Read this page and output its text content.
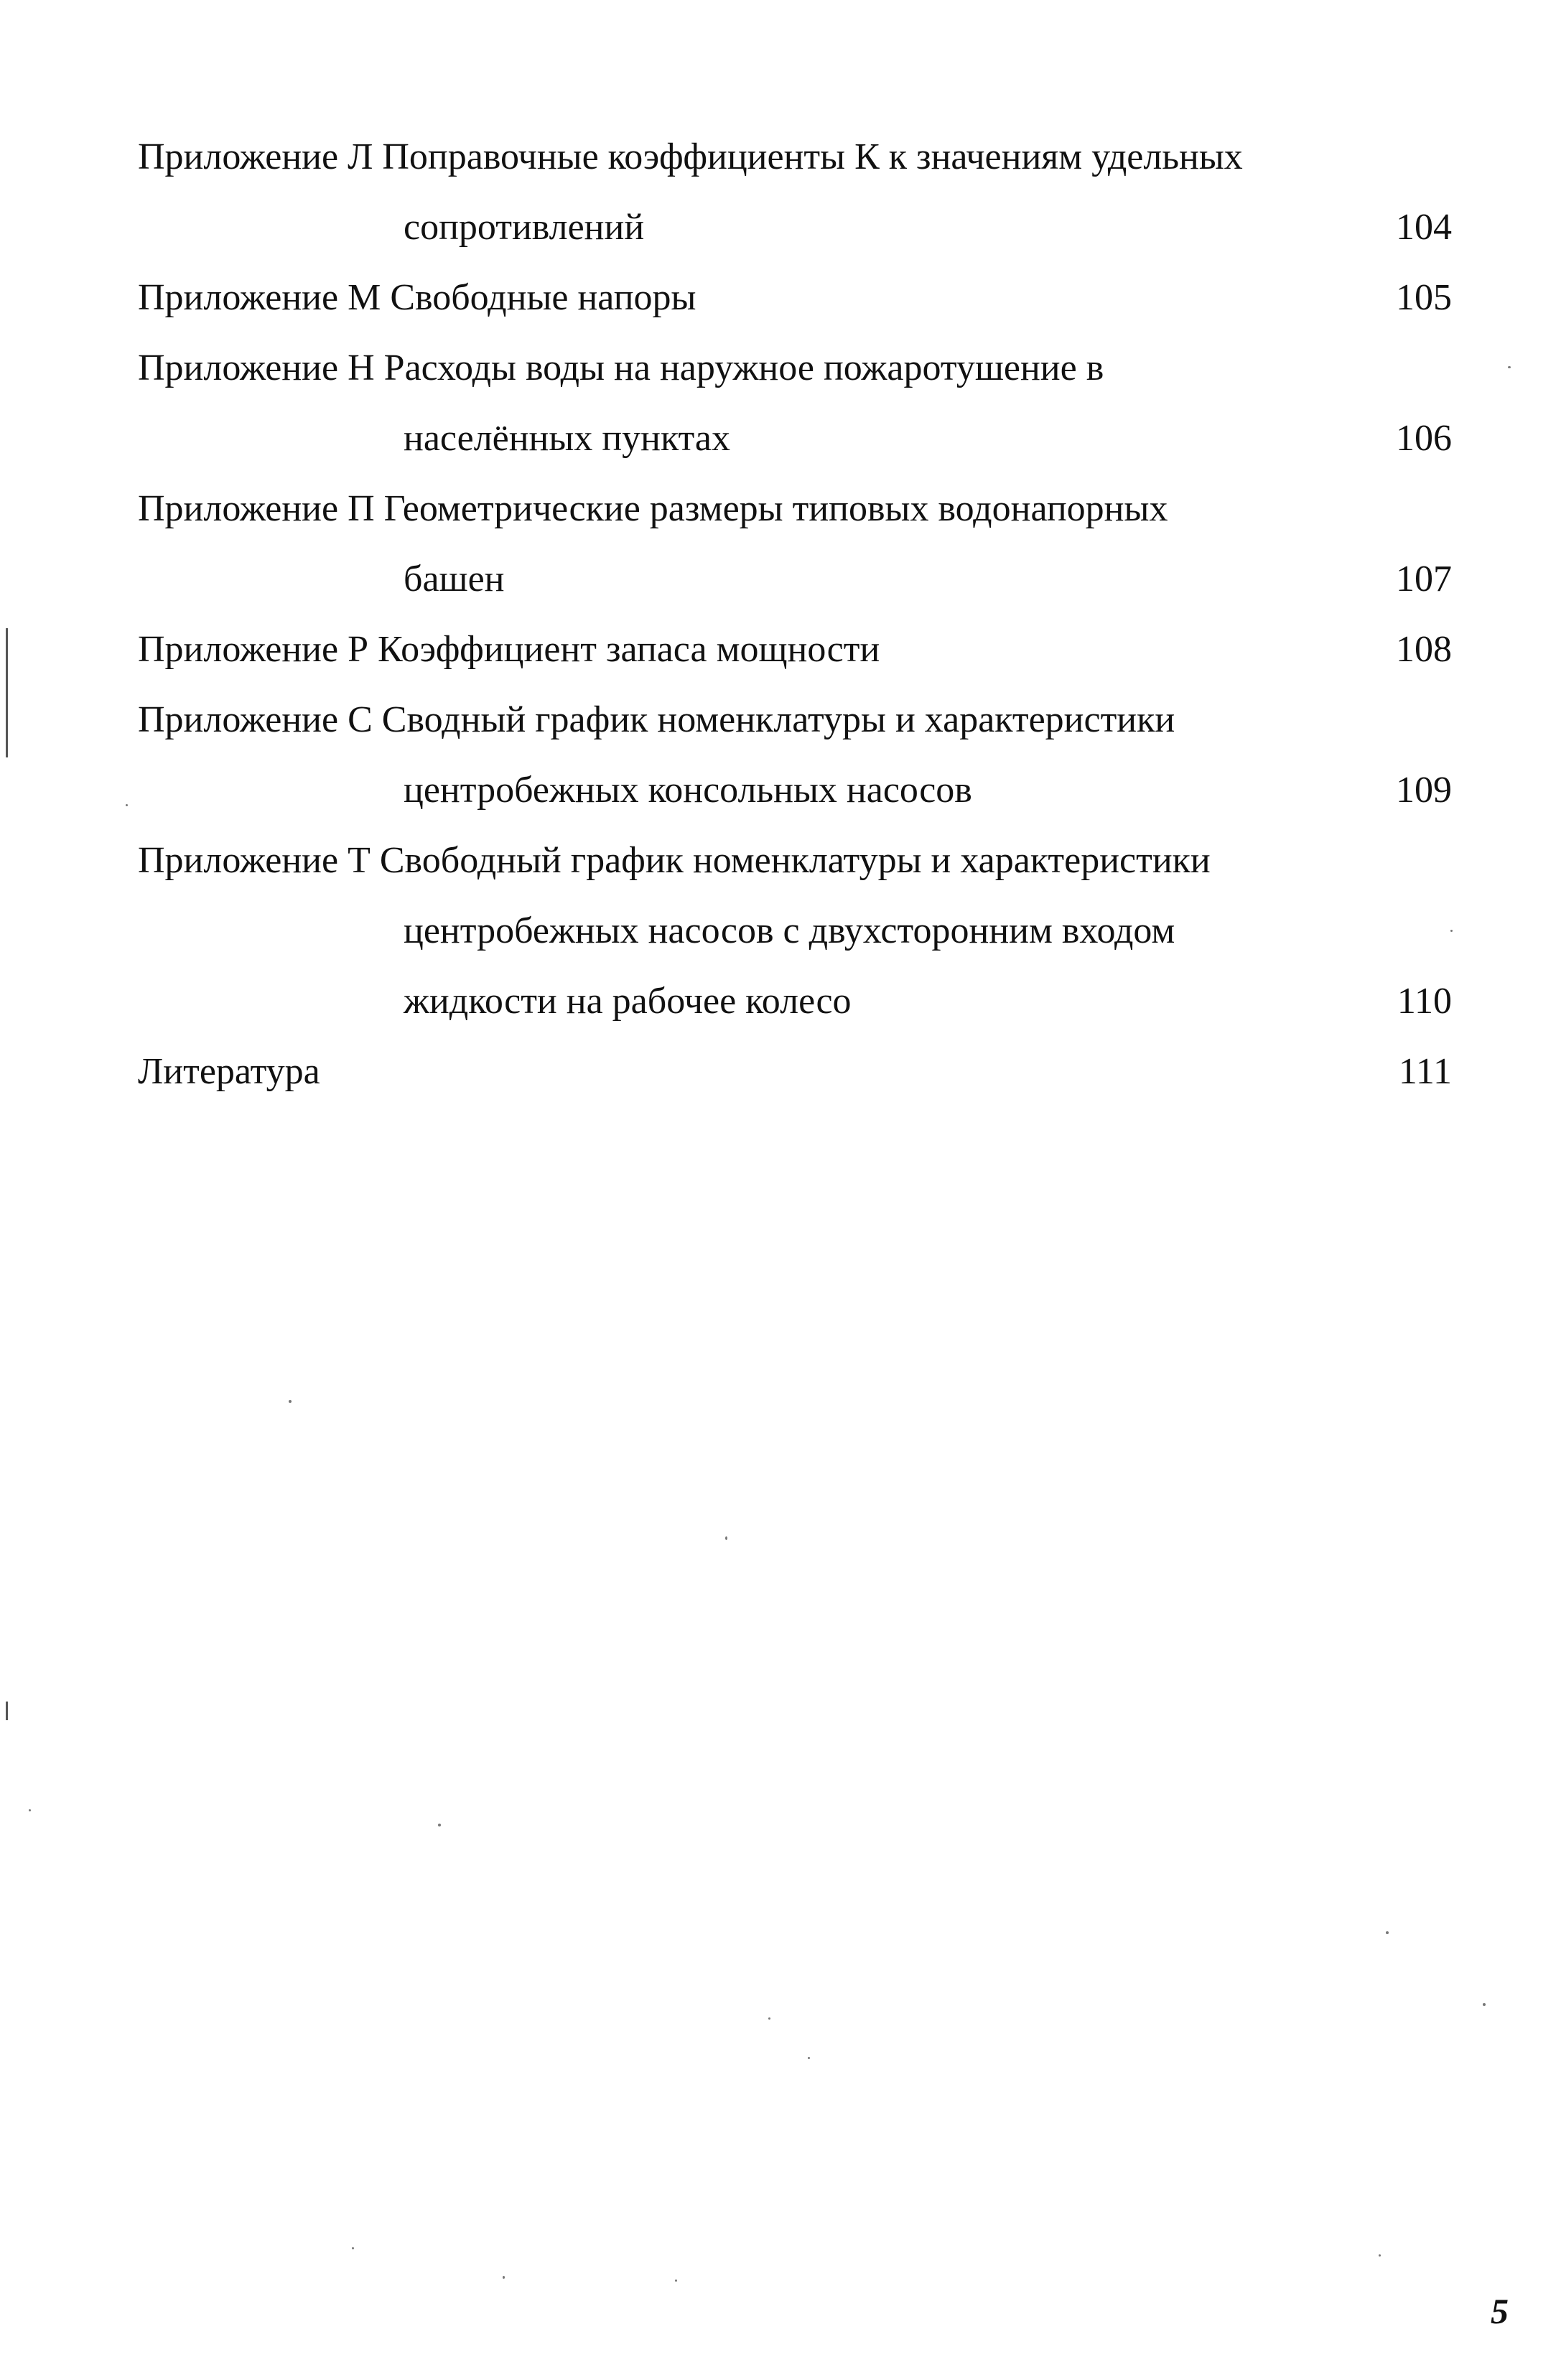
Приложение Л Поправочные коэффициенты К к значениям удельных
сопротивлений	104
Приложение М Свободные напоры	105
Приложение Н Расходы воды на наружное пожаротушение в
населённых пунктах	106
Приложение П Геометрические размеры типовых водонапорных
башен	107
Приложение Р Коэффициент запаса мощности	108
Приложение С Сводный график номенклатуры и характеристики
центробежных консольных насосов	109
Приложение Т Свободный график номенклатуры и характеристики
центробежных насосов с двухсторонним входом
жидкости на рабочее колесо	110
Литература	111
5
